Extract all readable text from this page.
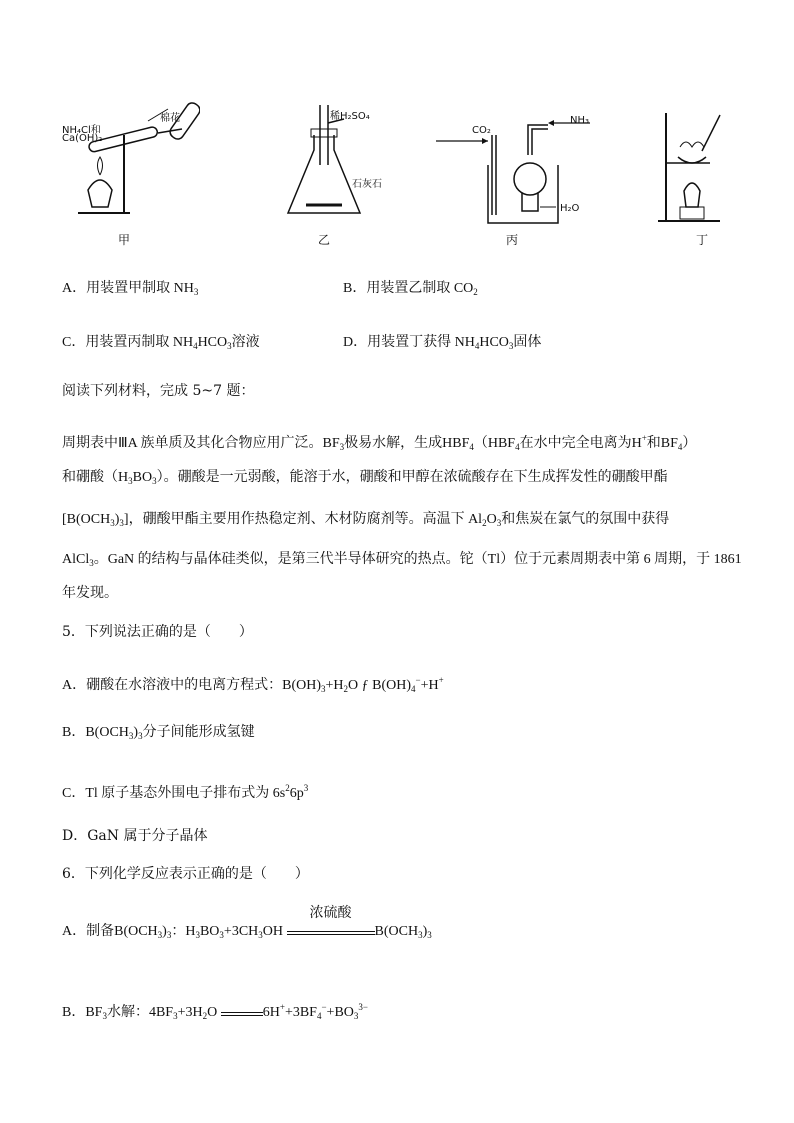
NH₄Cl和
Ca(OH)₂
棉花
甲
稀H₂SO₄
石灰石
乙
CO₂
NH₃
H₂O
丙	丁
A．用装置甲制取 $NH_3$	B．用装置乙制取 $CO_2$
C．用装置丙制取 $NH_4HCO_3$溶液	D．用装置丁获得 $NH_4HCO_3$固体
阅读下列材料，完成 5~7 题：
周期表中ⅢA 族单质及其化合物应用广泛。$BF_3$极易水解，生成$HBF_4(HBF_4$在水中完全电离为H+和$BF_4$）
和硼酸$(H_3BO_3)$。硼酸是一元弱酸，能溶于水，硼酸和甲醇在浓硫酸存在下生成挥发性的硼酸甲酯
$[B(OCH_3)_3]$，硼酸甲酯主要用作热稳定剂、木材防腐剂等。高温下 $Al_2O_3$和焦炭在氯气的氛围中获得
AlCl$_3$。GaN 的结构与晶体硅类似，是第三代半导体研究的热点。铊（Tl）位于元素周期表中第 6 周期，于 1861
年发现。
5．下列说法正确的是（　　）
A．硼酸在水溶液中的电离方程式：$B(OH)_3+H_2O$ ƒ $B(OH)_4^-+H^+$
B．$B(OCH_3)_3$分子间能形成氢键
C．Tl 原子基态外围电子排布式为 $6s^26p^3$
D．GaN 属于分子晶体
6．下列化学反应表示正确的是（　　）
A．制备$B(OCH_3)_3$：$H_3BO_3+3CH_3OH$
浓硫酸
$B(OCH_3)_3$
B．$BF_3$水解：$4BF_3+3H_2O$	$6H^++3BF_4^-+BO_3^{3-}$
